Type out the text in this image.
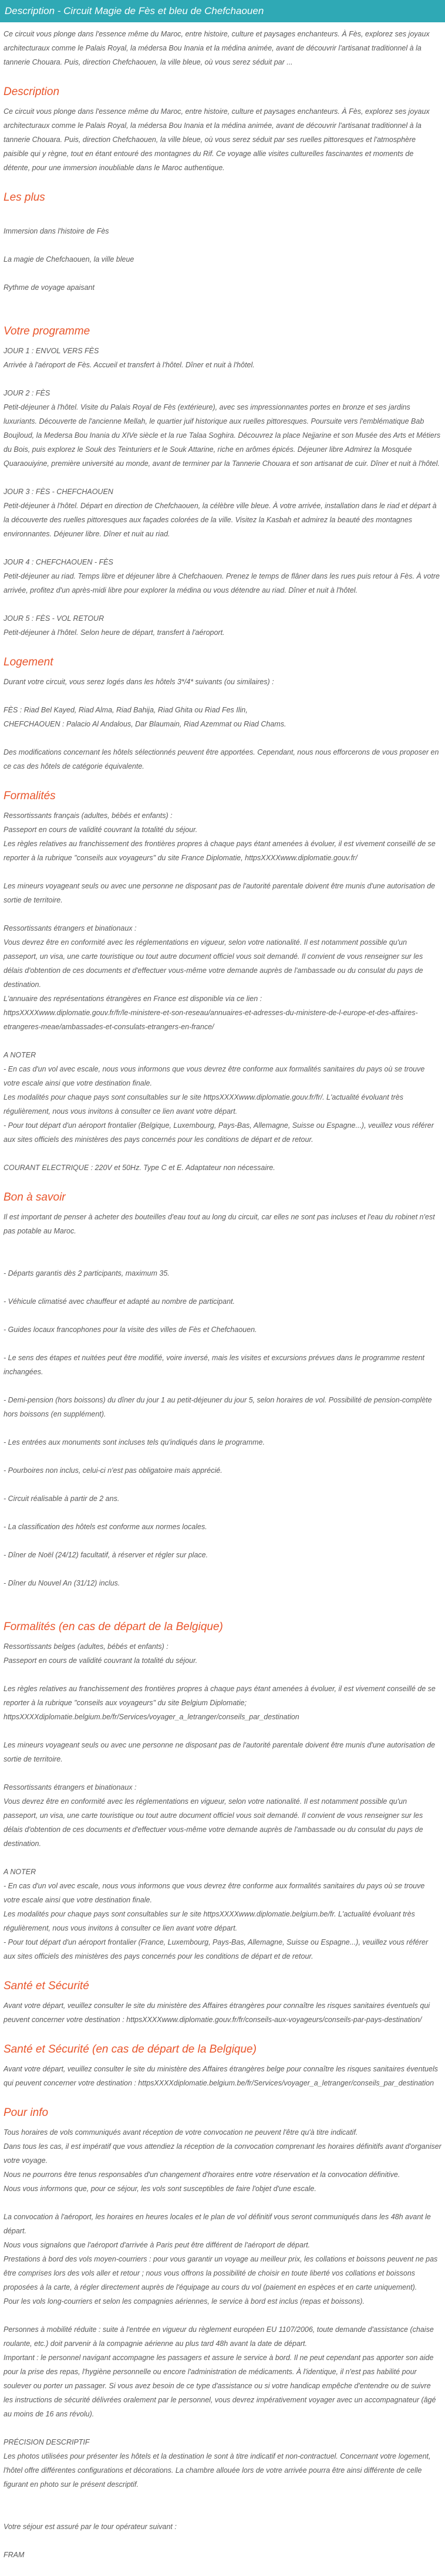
Description - Circuit Magie de Fès et bleu de Chefchaouen
Ce circuit vous plonge dans l'essence même du Maroc, entre histoire, culture et paysages enchanteurs. À Fès, explorez ses joyaux architecturaux comme le Palais Royal, la médersa Bou Inania et la médina animée, avant de découvrir l'artisanat traditionnel à la tannerie Chouara. Puis, direction Chefchaouen, la ville bleue, où vous serez séduit par ...
Description
Ce circuit vous plonge dans l'essence même du Maroc, entre histoire, culture et paysages enchanteurs. À Fès, explorez ses joyaux architecturaux comme le Palais Royal, la médersa Bou Inania et la médina animée, avant de découvrir l'artisanat traditionnel à la tannerie Chouara. Puis, direction Chefchaouen, la ville bleue, où vous serez séduit par ses ruelles pittoresques et l'atmosphère paisible qui y règne, tout en étant entouré des montagnes du Rif. Ce voyage allie visites culturelles fascinantes et moments de détente, pour une immersion inoubliable dans le Maroc authentique.
Les plus

Immersion dans l'histoire de Fès

La magie de Chefchaouen, la ville bleue

Rythme de voyage apaisant

Votre programme
JOUR 1 : ENVOL VERS FÈS
Arrivée à l'aéroport de Fès. Accueil et transfert à l'hôtel. Dîner et nuit à l'hôtel.
JOUR 2 : FÈS
Petit-déjeuner à l'hôtel. Visite du Palais Royal de Fès (extérieure), avec ses impressionnantes portes en bronze et ses jardins luxuriants. Découverte de l'ancienne Mellah, le quartier juif historique aux ruelles pittoresques. Poursuite vers l'emblématique Bab Boujloud, la Medersa Bou Inania du XIVe siècle et la rue Talaa Soghira. Découvrez la place Nejjarine et son Musée des Arts et Métiers du Bois, puis explorez le Souk des Teinturiers et le Souk Attarine, riche en arômes épicés. Déjeuner libre Admirez la Mosquée Quaraouiyine, première université au monde, avant de terminer par la Tannerie Chouara et son artisanat de cuir. Dîner et nuit à l'hôtel.
JOUR 3 : FÈS - CHEFCHAOUEN
Petit-déjeuner à l'hôtel. Départ en direction de Chefchaouen, la célèbre ville bleue. À votre arrivée, installation dans le riad et départ à la découverte des ruelles pittoresques aux façades colorées de la ville. Visitez la Kasbah et admirez la beauté des montagnes environnantes. Déjeuner libre. Dîner et nuit au riad.
JOUR 4 : CHEFCHAOUEN - FÈS
Petit-déjeuner au riad. Temps libre et déjeuner libre à Chefchaouen. Prenez le temps de flâner dans les rues puis retour à Fès. À votre arrivée, profitez d'un après-midi libre pour explorer la médina ou vous détendre au riad. Dîner et nuit à l'hôtel.
JOUR 5 : FÈS - VOL RETOUR
Petit-déjeuner à l'hôtel. Selon heure de départ, transfert à l'aéroport.
Logement
Durant votre circuit, vous serez logés dans les hôtels 3*/4* suivants (ou similaires) :
FÈS : Riad Bel Kayed, Riad Alma, Riad Bahija, Riad Ghita ou Riad Fes Ilin,
CHEFCHAOUEN : Palacio Al Andalous, Dar Blaumain, Riad Azemmat ou Riad Chams.
Des modifications concernant les hôtels sélectionnés peuvent être apportées. Cependant, nous nous efforcerons de vous proposer en ce cas des hôtels de catégorie équivalente.
Formalités
Ressortissants français (adultes, bébés et enfants) :
Passeport en cours de validité couvrant la totalité du séjour.
Les règles relatives au franchissement des frontières propres à chaque pays étant amenées à évoluer, il est vivement conseillé de se reporter à la rubrique "conseils aux voyageurs" du site France Diplomatie, httpsXXXXwww.diplomatie.gouv.fr/
Les mineurs voyageant seuls ou avec une personne ne disposant pas de l'autorité parentale doivent être munis d'une autorisation de sortie de territoire.
Ressortissants étrangers et binationaux :
Vous devrez être en conformité avec les réglementations en vigueur, selon votre nationalité. Il est notamment possible qu'un passeport, un visa, une carte touristique ou tout autre document officiel vous soit demandé. Il convient de vous renseigner sur les délais d'obtention de ces documents et d'effectuer vous-même votre demande auprès de l'ambassade ou du consulat du pays de destination.
L'annuaire des représentations étrangères en France est disponible via ce lien :
httpsXXXXwww.diplomatie.gouv.fr/fr/le-ministere-et-son-reseau/annuaires-et-adresses-du-ministere-de-l-europe-et-des-affaires-etrangeres-meae/ambassades-et-consulats-etrangers-en-france/
A NOTER
- En cas d'un vol avec escale, nous vous informons que vous devrez être conforme aux formalités sanitaires du pays où se trouve votre escale ainsi que votre destination finale.
Les modalités pour chaque pays sont consultables sur le site httpsXXXXwww.diplomatie.gouv.fr/fr/. L'actualité évoluant très régulièrement, nous vous invitons à consulter ce lien avant votre départ.
- Pour tout départ d'un aéroport frontalier (Belgique, Luxembourg, Pays-Bas, Allemagne, Suisse ou Espagne...), veuillez vous référer aux sites officiels des ministères des pays concernés pour les conditions de départ et de retour.
COURANT ELECTRIQUE : 220V et 50Hz. Type C et E. Adaptateur non nécessaire.
Bon à savoir
Il est important de penser à acheter des bouteilles d'eau tout au long du circuit, car elles ne sont pas incluses et l'eau du robinet n'est pas potable au Maroc.

- Départs garantis dès 2 participants, maximum 35.

- Véhicule climatisé avec chauffeur et adapté au nombre de participant.

- Guides locaux francophones pour la visite des villes de Fès et Chefchaouen.

- Le sens des étapes et nuitées peut être modifié, voire inversé, mais les visites et excursions prévues dans le programme restent inchangées.

- Demi-pension (hors boissons) du dîner du jour 1 au petit-déjeuner du jour 5, selon horaires de vol. Possibilité de pension-complète hors boissons (en supplément).

- Les entrées aux monuments sont incluses tels qu'indiqués dans le programme.

- Pourboires non inclus, celui-ci n'est pas obligatoire mais apprécié.

- Circuit réalisable à partir de 2 ans.

- La classification des hôtels est conforme aux normes locales.

- Dîner de Noël (24/12) facultatif, à réserver et régler sur place.

- Dîner du Nouvel An (31/12) inclus.

Formalités (en cas de départ de la Belgique)
Ressortissants belges (adultes, bébés et enfants) :
Passeport en cours de validité couvrant la totalité du séjour.
Les règles relatives au franchissement des frontières propres à chaque pays étant amenées à évoluer, il est vivement conseillé de se reporter à la rubrique "conseils aux voyageurs" du site Belgium Diplomatie; httpsXXXXdiplomatie.belgium.be/fr/Services/voyager_a_letranger/conseils_par_destination
Les mineurs voyageant seuls ou avec une personne ne disposant pas de l'autorité parentale doivent être munis d'une autorisation de sortie de territoire.
Ressortissants étrangers et binationaux :
Vous devrez être en conformité avec les réglementations en vigueur, selon votre nationalité. Il est notamment possible qu'un passeport, un visa, une carte touristique ou tout autre document officiel vous soit demandé. Il convient de vous renseigner sur les délais d'obtention de ces documents et d'effectuer vous-même votre demande auprès de l'ambassade ou du consulat du pays de destination.
A NOTER
- En cas d'un vol avec escale, nous vous informons que vous devrez être conforme aux formalités sanitaires du pays où se trouve votre escale ainsi que votre destination finale.
Les modalités pour chaque pays sont consultables sur le site httpsXXXXwww.diplomatie.belgium.be/fr. L'actualité évoluant très régulièrement, nous vous invitons à consulter ce lien avant votre départ.
- Pour tout départ d'un aéroport frontalier (France, Luxembourg, Pays-Bas, Allemagne, Suisse ou Espagne...), veuillez vous référer aux sites officiels des ministères des pays concernés pour les conditions de départ et de retour.
Santé et Sécurité
Avant votre départ, veuillez consulter le site du ministère des Affaires étrangères pour connaître les risques sanitaires éventuels qui peuvent concerner votre destination : httpsXXXXwww.diplomatie.gouv.fr/fr/conseils-aux-voyageurs/conseils-par-pays-destination/
Santé et Sécurité (en cas de départ de la Belgique)
Avant votre départ, veuillez consulter le site du ministère des Affaires étrangères belge pour connaître les risques sanitaires éventuels qui peuvent concerner votre destination : httpsXXXXdiplomatie.belgium.be/fr/Services/voyager_a_letranger/conseils_par_destination
Pour info
Tous horaires de vols communiqués avant réception de votre convocation ne peuvent l'être qu'à titre indicatif.
Dans tous les cas, il est impératif que vous attendiez la réception de la convocation comprenant les horaires définitifs avant d'organiser votre voyage.
Nous ne pourrons être tenus responsables d'un changement d'horaires entre votre réservation et la convocation définitive.
Nous vous informons que, pour ce séjour, les vols sont susceptibles de faire l'objet d'une escale.
La convocation à l'aéroport, les horaires en heures locales et le plan de vol définitif vous seront communiqués dans les 48h avant le départ.
Nous vous signalons que l'aéroport d'arrivée à Paris peut être différent de l'aéroport de départ.
Prestations à bord des vols moyen-courriers : pour vous garantir un voyage au meilleur prix, les collations et boissons peuvent ne pas être comprises lors des vols aller et retour ; nous vous offrons la possibilité de choisir en toute liberté vos collations et boissons proposées à la carte, à régler directement auprès de l'équipage au cours du vol (paiement en espèces et en carte uniquement).
Pour les vols long-courriers et selon les compagnies aériennes, le service à bord est inclus (repas et boissons).
Personnes à mobilité réduite : suite à l'entrée en vigueur du règlement européen EU 1107/2006, toute demande d'assistance (chaise roulante, etc.) doit parvenir à la compagnie aérienne au plus tard 48h avant la date de départ.
Important : le personnel navigant accompagne les passagers et assure le service à bord. Il ne peut cependant pas apporter son aide pour la prise des repas, l'hygiène personnelle ou encore l'administration de médicaments. À l'identique, il n'est pas habilité pour soulever ou porter un passager. Si vous avez besoin de ce type d'assistance ou si votre handicap empêche d'entendre ou de suivre les instructions de sécurité délivrées oralement par le personnel, vous devrez impérativement voyager avec un accompagnateur (âgé au moins de 16 ans révolu).
PRÉCISION DESCRIPTIF
Les photos utilisées pour présenter les hôtels et la destination le sont à titre indicatif et non-contractuel. Concernant votre logement, l'hôtel offre différentes configurations et décorations. La chambre allouée lors de votre arrivée pourra être ainsi différente de celle figurant en photo sur le présent descriptif.

Votre séjour est assuré par le tour opérateur suivant :

FRAM
